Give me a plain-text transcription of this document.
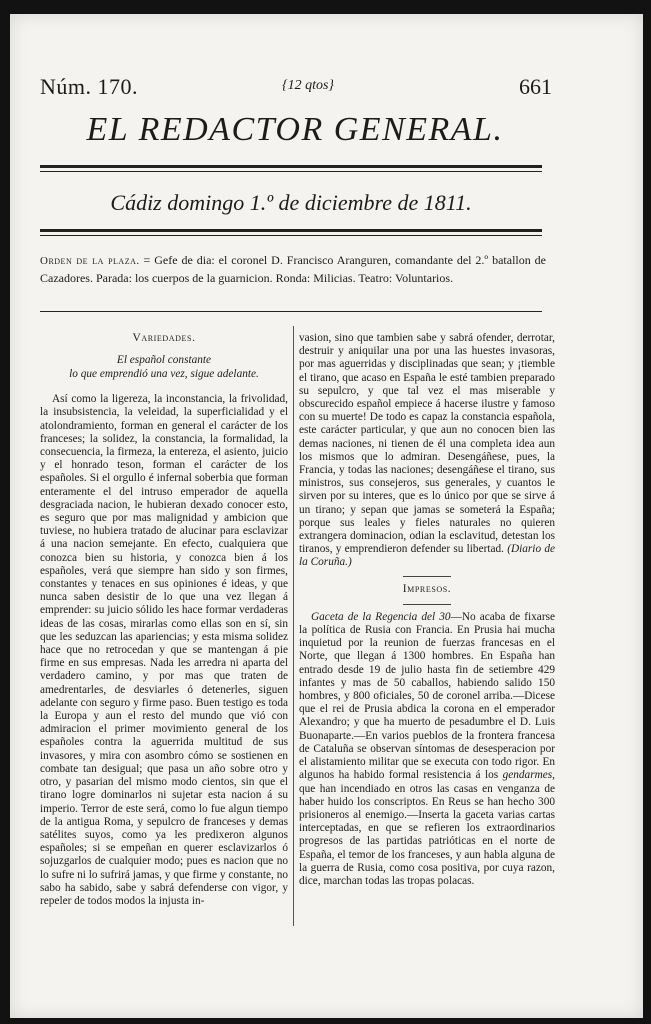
Núm. 170.	{12 qtos}	661
EL REDACTOR GENERAL.
Cádiz domingo 1.º de diciembre de 1811.
Orden de la plaza. = Gefe de dia: el coronel D. Francisco Aranguren, comandante del 2.º batallon de Cazadores. Parada: los cuerpos de la guarnicion. Ronda: Milicias. Teatro: Voluntarios.
Variedades.
El español constante
lo que emprendió una vez, sigue adelante.

Así como la ligereza, la inconstancia, la frivolidad, la insubsistencia, la veleidad, la superficialidad y el atolondramiento, forman en general el carácter de los franceses; la solidez, la constancia, la formalidad, la consecuencia, la firmeza, la entereza, el asiento, juicio y el honrado teson, forman el carácter de los españoles. Si el orgullo é infernal soberbia que forman enteramente el del intruso emperador de aquella desgraciada nacion, le hubieran dexado conocer esto, es seguro que por mas malignidad y ambicion que tuviese, no hubiera tratado de alucinar para esclavizar á una nacion semejante. En efecto, cualquiera que conozca bien su historia, y conozca bien á los españoles, verá que siempre han sido y son firmes, constantes y tenaces en sus opiniones é ideas, y que nunca saben desistir de lo que una vez llegan á emprender: su juicio sólido les hace formar verdaderas ideas de las cosas, mirarlas como ellas son en sí, sin que les seduzcan las apariencias; y esta misma solidez hace que no retrocedan y que se mantengan á pie firme en sus empresas. Nada les arredra ni aparta del verdadero camino, y por mas que traten de amedrentarles, de desviarles ó detenerles, siguen adelante con seguro y firme paso. Buen testigo es toda la Europa y aun el resto del mundo que vió con admiracion el primer movimiento general de los españoles contra la aguerrida multitud de sus invasores, y mira con asombro cómo se sostienen en combate tan desigual; que pasa un año sobre otro y otro, y pasarian del mismo modo cientos, sin que el tirano logre dominarlos ni sujetar esta nacion á su imperio. Terror de este será, como lo fue algun tiempo de la antigua Roma, y sepulcro de franceses y demas satélites suyos, como ya les predixeron algunos españoles; si se empeñan en querer esclavizarlos ó sojuzgarlos de cualquier modo; pues es nacion que no lo sufre ni lo sufrirá jamas, y que firme y constante, no sabo ha sabido, sabe y sabrá defenderse con vigor, y repeler de todos modos la injusta in-

vasion, sino que tambien sabe y sabrá ofender, derrotar, destruir y aniquilar una por una las huestes invasoras, por mas aguerridas y disciplinadas que sean; y ¡tiemble el tirano, que acaso en España le esté tambien preparado su sepulcro, y que tal vez el mas miserable y obscurecido español empiece á hacerse ilustre y famoso con su muerte! De todo es capaz la constancia española, este carácter particular, y que aun no conocen bien las demas naciones, ni tienen de él una completa idea aun los mismos que lo admiran. Desengáñese, pues, la Francia, y todas las naciones; desengáñese el tirano, sus ministros, sus consejeros, sus generales, y cuantos le sirven por su interes, que es lo único por que se sirve á un tirano; y sepan que jamas se someterá la España; porque sus leales y fieles naturales no quieren extrangera dominacion, odian la esclavitud, detestan los tiranos, y emprendieron defender su libertad. (Diario de la Coruña.)

Impresos.

Gaceta de la Regencia del 30—No acaba de fixarse la política de Rusia con Francia. En Prusia hai mucha inquietud por la reunion de fuerzas francesas en el Norte, que llegan á 1300 hombres. En España han entrado desde 19 de julio hasta fin de setiembre 429 infantes y mas de 50 caballos, habiendo salido 150 hombres, y 800 oficiales, 50 de coronel arriba.—Dicese que el rei de Prusia abdica la corona en el emperador Alexandro; y que ha muerto de pesadumbre el D. Luis Buonaparte.—En varios pueblos de la frontera francesa de Cataluña se observan síntomas de desesperacion por el alistamiento militar que se executa con todo rigor. En algunos ha habido formal resistencia á los gendarmes, que han incendiado en otros las casas en venganza de haber huido los conscriptos. En Reus se han hecho 300 prisioneros al enemigo.—Inserta la gaceta varias cartas interceptadas, en que se refieren los extraordinarios progresos de las partidas patrióticas en el norte de España, el temor de los franceses, y aun habla alguna de la guerra de Rusia, como cosa positiva, por cuya razon, dice, marchan todas las tropas polacas.
